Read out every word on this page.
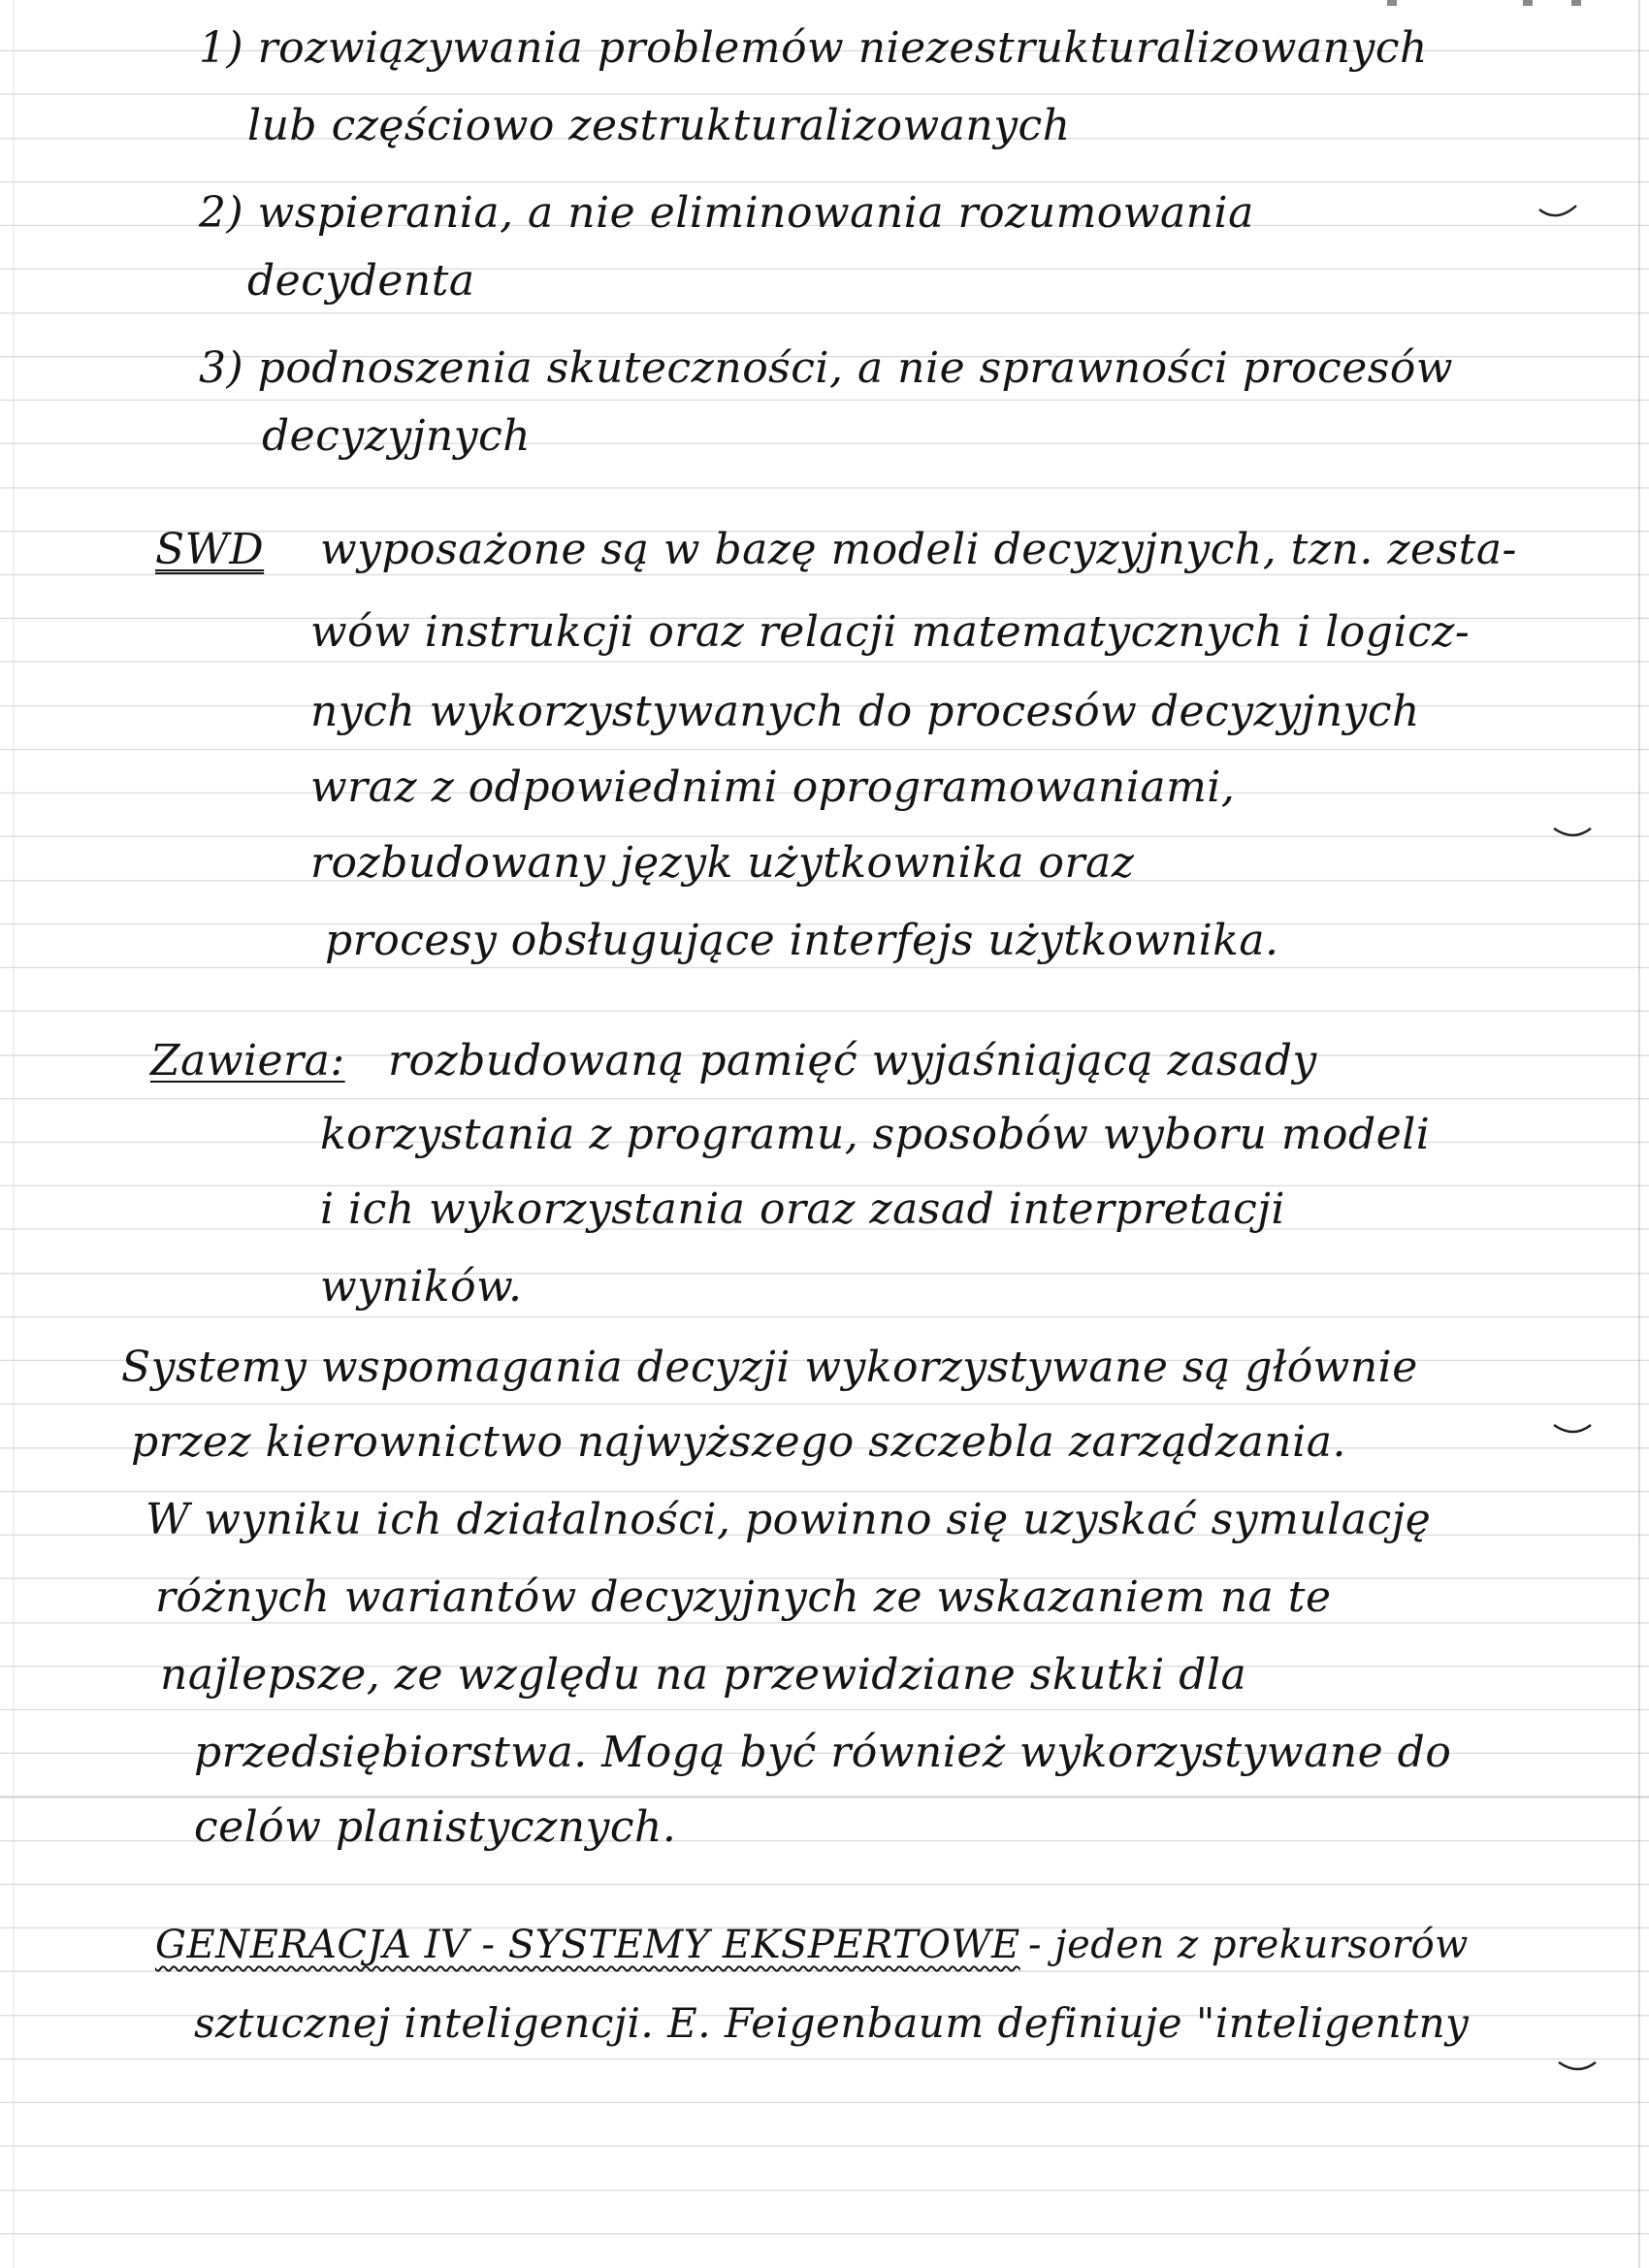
1) rozwiązywania problemów niezestrukturalizowanych
lub częściowo zestrukturalizowanych
2) wspierania, a nie eliminowania rozumowania
decydenta
3) podnoszenia skuteczności, a nie sprawności procesów
decyzyjnych
SWD wyposażone są w bazę modeli decyzyjnych, tzn. zesta-
wów instrukcji oraz relacji matematycznych i logicz-
nych wykorzystywanych do procesów decyzyjnych
wraz z odpowiednimi oprogramowaniami,
rozbudowany język użytkownika oraz
procesy obsługujące interfejs użytkownika.
Zawiera: rozbudowaną pamięć wyjaśniającą zasady
korzystania z programu, sposobów wyboru modeli
i ich wykorzystania oraz zasad interpretacji
wyników.
Systemy wspomagania decyzji wykorzystywane są głównie
przez kierownictwo najwyższego szczebla zarządzania.
W wyniku ich działalności, powinno się uzyskać symulację
różnych wariantów decyzyjnych ze wskazaniem na te
najlepsze, ze względu na przewidziane skutki dla
przedsiębiorstwa. Mogą być również wykorzystywane do
celów planistycznych.
GENERACJA IV - SYSTEMY EKSPERTOWE - jeden z prekursorów
sztucznej inteligencji. E. Feigenbaum definiuje "inteligentny
